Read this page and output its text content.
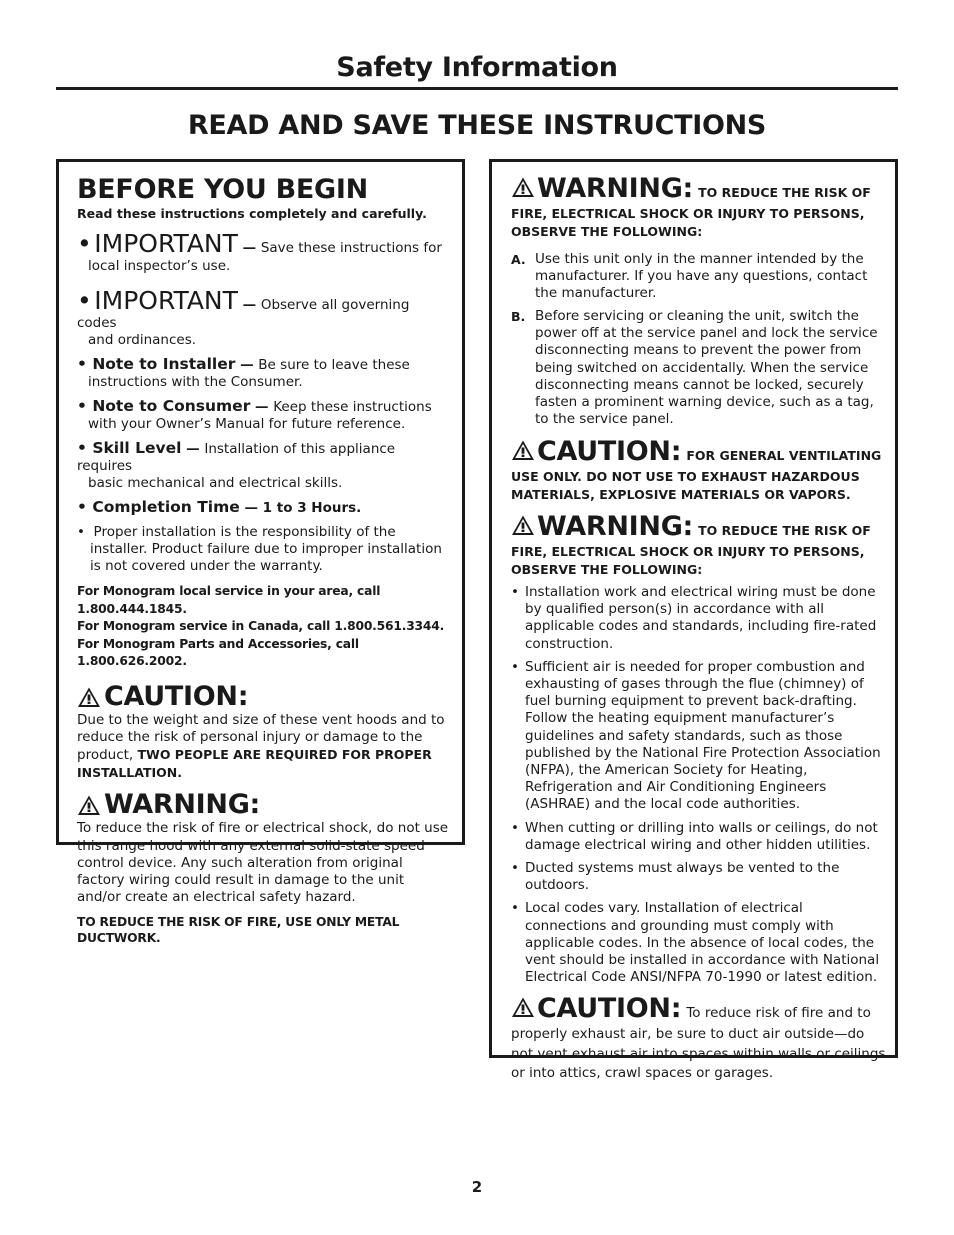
Safety Information
READ AND SAVE THESE INSTRUCTIONS
BEFORE YOU BEGIN
Read these instructions completely and carefully.
• IMPORTANT — Save these instructions for
local inspector’s use.
• IMPORTANT — Observe all governing codes
and ordinances.
• Note to Installer — Be sure to leave these
instructions with the Consumer.
• Note to Consumer — Keep these instructions
with your Owner’s Manual for future reference.
• Skill Level — Installation of this appliance requires
basic mechanical and electrical skills.
• Completion Time — 1 to 3 Hours.
•  Proper installation is the responsibility of the installer. Product failure due to improper installation is not covered under the warranty.
For Monogram local service in your area, call 1.800.444.1845.
For Monogram service in Canada, call 1.800.561.3344.
For Monogram Parts and Accessories, call 1.800.626.2002.
CAUTION:
Due to the weight and size of these vent hoods and to reduce the risk of personal injury or damage to the product, TWO PEOPLE ARE REQUIRED FOR PROPER INSTALLATION.
WARNING:
To reduce the risk of fire or electrical shock, do not use this range hood with any external solid-state speed control device. Any such alteration from original factory wiring could result in damage to the unit and/or create an electrical safety hazard.
TO REDUCE THE RISK OF FIRE, USE ONLY METAL DUCTWORK.
WARNING: TO REDUCE THE RISK OF FIRE, ELECTRICAL SHOCK OR INJURY TO PERSONS, OBSERVE THE FOLLOWING:
A. Use this unit only in the manner intended by the manufacturer. If you have any questions, contact the manufacturer.
B. Before servicing or cleaning the unit, switch the power off at the service panel and lock the service disconnecting means to prevent the power from being switched on accidentally. When the service disconnecting means cannot be locked, securely fasten a prominent warning device, such as a tag, to the service panel.
CAUTION: FOR GENERAL VENTILATING USE ONLY. DO NOT USE TO EXHAUST HAZARDOUS MATERIALS, EXPLOSIVE MATERIALS OR VAPORS.
WARNING: TO REDUCE THE RISK OF FIRE, ELECTRICAL SHOCK OR INJURY TO PERSONS, OBSERVE THE FOLLOWING:
• Installation work and electrical wiring must be done by qualified person(s) in accordance with all applicable codes and standards, including fire-rated construction.
• Sufficient air is needed for proper combustion and exhausting of gases through the flue (chimney) of fuel burning equipment to prevent back-drafting. Follow the heating equipment manufacturer’s guidelines and safety standards, such as those published by the National Fire Protection Association (NFPA), the American Society for Heating, Refrigeration and Air Conditioning Engineers (ASHRAE) and the local code authorities.
• When cutting or drilling into walls or ceilings, do not damage electrical wiring and other hidden utilities.
• Ducted systems must always be vented to the outdoors.
• Local codes vary. Installation of electrical connections and grounding must comply with applicable codes. In the absence of local codes, the vent should be installed in accordance with National Electrical Code ANSI/NFPA 70-1990 or latest edition.
CAUTION: To reduce risk of fire and to properly exhaust air, be sure to duct air outside—do not vent exhaust air into spaces within walls or ceilings or into attics, crawl spaces or garages.
2
